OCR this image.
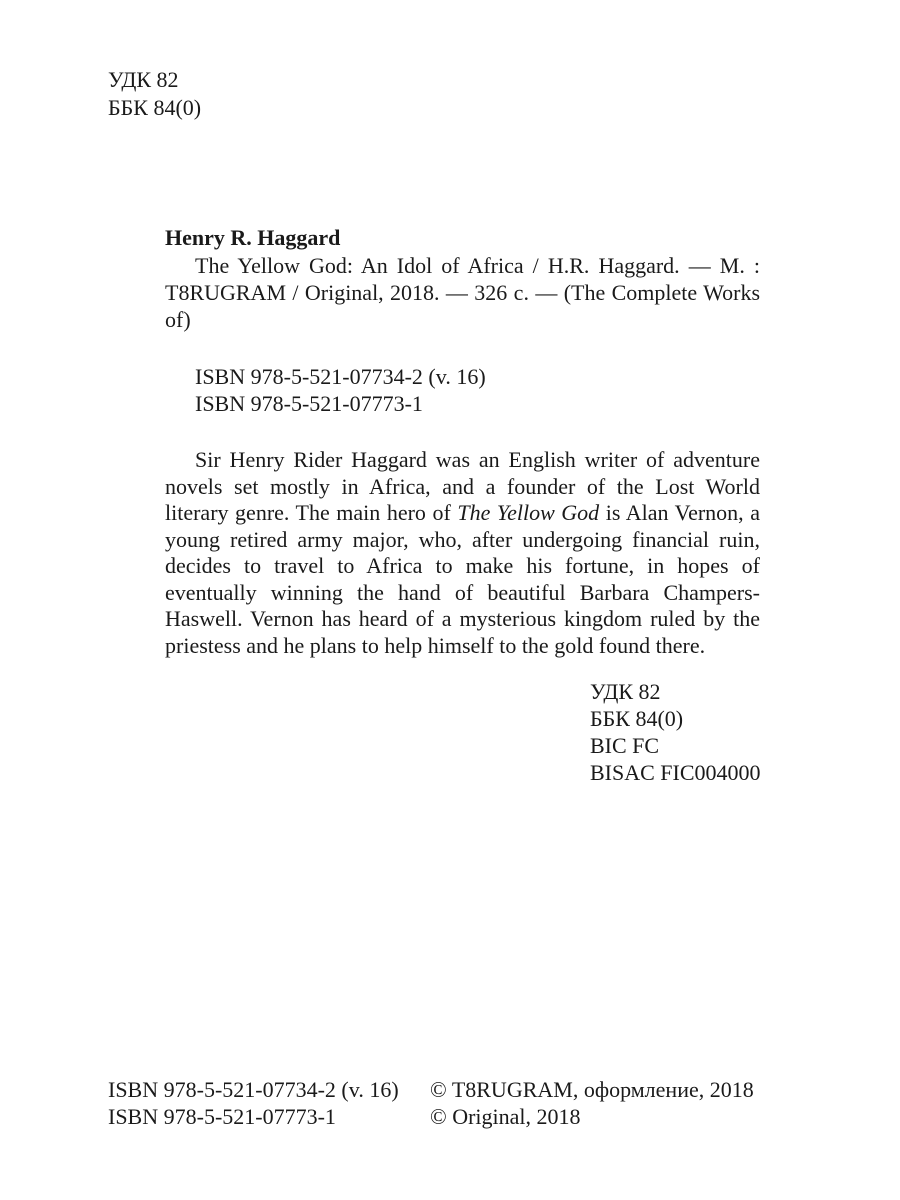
УДК 82
ББК 84(0)
Henry R. Haggard

The Yellow God: An Idol of Africa / H.R. Haggard. — M. : T8RUGRAM / Original, 2018. — 326 c. — (The Complete Works of)

ISBN 978-5-521-07734-2 (v. 16)
ISBN 978-5-521-07773-1
Sir Henry Rider Haggard was an English writer of adventure novels set mostly in Africa, and a founder of the Lost World literary genre. The main hero of The Yellow God is Alan Vernon, a young retired army major, who, after undergoing financial ruin, decides to travel to Africa to make his fortune, in hopes of eventually winning the hand of beautiful Barbara Champers-Haswell. Vernon has heard of a mysterious kingdom ruled by the priestess and he plans to help himself to the gold found there.
УДК 82
ББК 84(0)
BIC FC
BISAC FIC004000
ISBN 978-5-521-07734-2 (v. 16)
ISBN 978-5-521-07773-1
© T8RUGRAM, оформление, 2018
© Original, 2018
